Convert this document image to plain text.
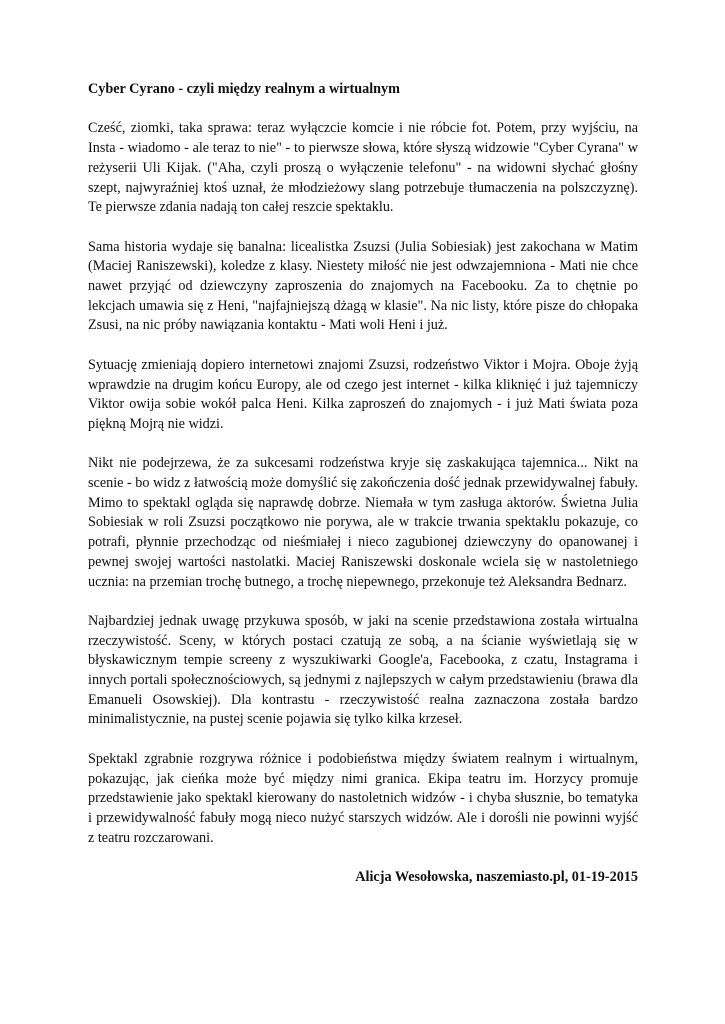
Cyber Cyrano - czyli między realnym a wirtualnym

Cześć, ziomki, taka sprawa: teraz wyłączcie komcie i nie róbcie fot. Potem, przy wyjściu, na Insta - wiadomo - ale teraz to nie" - to pierwsze słowa, które słyszą widzowie "Cyber Cyrana" w reżyserii Uli Kijak. ("Aha, czyli proszą o wyłączenie telefonu" - na widowni słychać głośny szept, najwyraźniej ktoś uznał, że młodzieżowy slang potrzebuje tłumaczenia na polszczyznę). Te pierwsze zdania nadają ton całej reszcie spektaklu.

Sama historia wydaje się banalna: licealistka Zsuzsi (Julia Sobiesiak) jest zakochana w Matim (Maciej Raniszewski), koledze z klasy. Niestety miłość nie jest odwzajemniona - Mati nie chce nawet przyjąć od dziewczyny zaproszenia do znajomych na Facebooku. Za to chętnie po lekcjach umawia się z Heni, "najfajniejszą dżagą w klasie". Na nic listy, które pisze do chłopaka Zsusi, na nic próby nawiązania kontaktu - Mati woli Heni i już.

Sytuację zmieniają dopiero internetowi znajomi Zsuzsi, rodzeństwo Viktor i Mojra. Oboje żyją wprawdzie na drugim końcu Europy, ale od czego jest internet - kilka kliknięć i już tajemniczy Viktor owija sobie wokół palca Heni. Kilka zaproszeń do znajomych - i już Mati świata poza piękną Mojrą nie widzi.

Nikt nie podejrzewa, że za sukcesami rodzeństwa kryje się zaskakująca tajemnica... Nikt na scenie - bo widz z łatwością może domyślić się zakończenia dość jednak przewidywalnej fabuły. Mimo to spektakl ogląda się naprawdę dobrze. Niemała w tym zasługa aktorów. Świetna Julia Sobiesiak w roli Zsuzsi początkowo nie porywa, ale w trakcie trwania spektaklu pokazuje, co potrafi, płynnie przechodząc od nieśmiałej i nieco zagubionej dziewczyny do opanowanej i pewnej swojej wartości nastolatki. Maciej Raniszewski doskonale wciela się w nastoletniego ucznia: na przemian trochę butnego, a trochę niepewnego, przekonuje też Aleksandra Bednarz.

Najbardziej jednak uwagę przykuwa sposób, w jaki na scenie przedstawiona została wirtualna rzeczywistość. Sceny, w których postaci czatują ze sobą, a na ścianie wyświetlają się w błyskawicznym tempie screeny z wyszukiwarki Google'a, Facebooka, z czatu, Instagrama i innych portali społecznościowych, są jednymi z najlepszych w całym przedstawieniu (brawa dla Emanueli Osowskiej). Dla kontrastu - rzeczywistość realna zaznaczona została bardzo minimalistycznie, na pustej scenie pojawia się tylko kilka krzeseł.

Spektakl zgrabnie rozgrywa różnice i podobieństwa między światem realnym i wirtualnym, pokazując, jak cieńka może być między nimi granica. Ekipa teatru im. Horzycy promuje przedstawienie jako spektakl kierowany do nastoletnich widzów - i chyba słusznie, bo tematyka i przewidywalność fabuły mogą nieco nużyć starszych widzów. Ale i dorośli nie powinni wyjść z teatru rozczarowani.

Alicja Wesołowska, naszemiasto.pl, 01-19-2015
